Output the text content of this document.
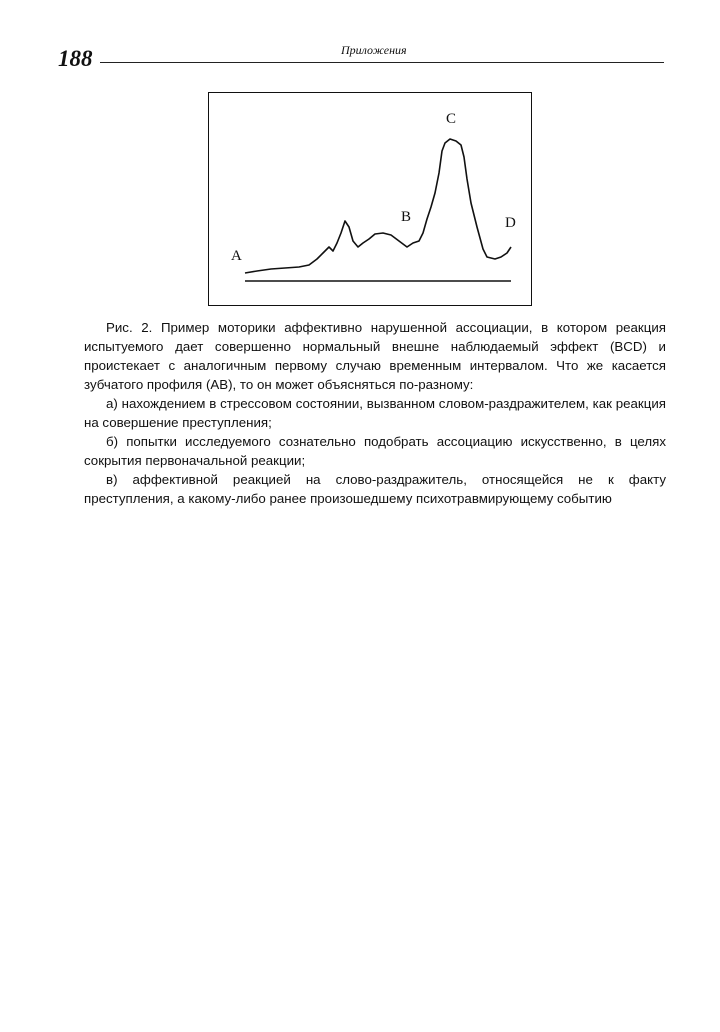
188	Приложения
A
B
C
D

Рис. 2. Пример моторики аффективно нарушенной ассоциации, в котором реакция испытуемого дает совершенно нормальный внешне наблюдаемый эффект (BCD) и проистекает с аналогичным первому случаю временным интервалом. Что же касается зубчатого профиля (AB), то он может объясняться по-разному:

а) нахождением в стрессовом состоянии, вызванном словом-раздражителем, как реакция на совершение преступления;

б) попытки исследуемого сознательно подобрать ассоциацию искусственно, в целях сокрытия первоначальной реакции;

в) аффективной реакцией на слово-раздражитель, относящейся не к факту преступления, а какому-либо ранее произошедшему психотравмирующему событию
